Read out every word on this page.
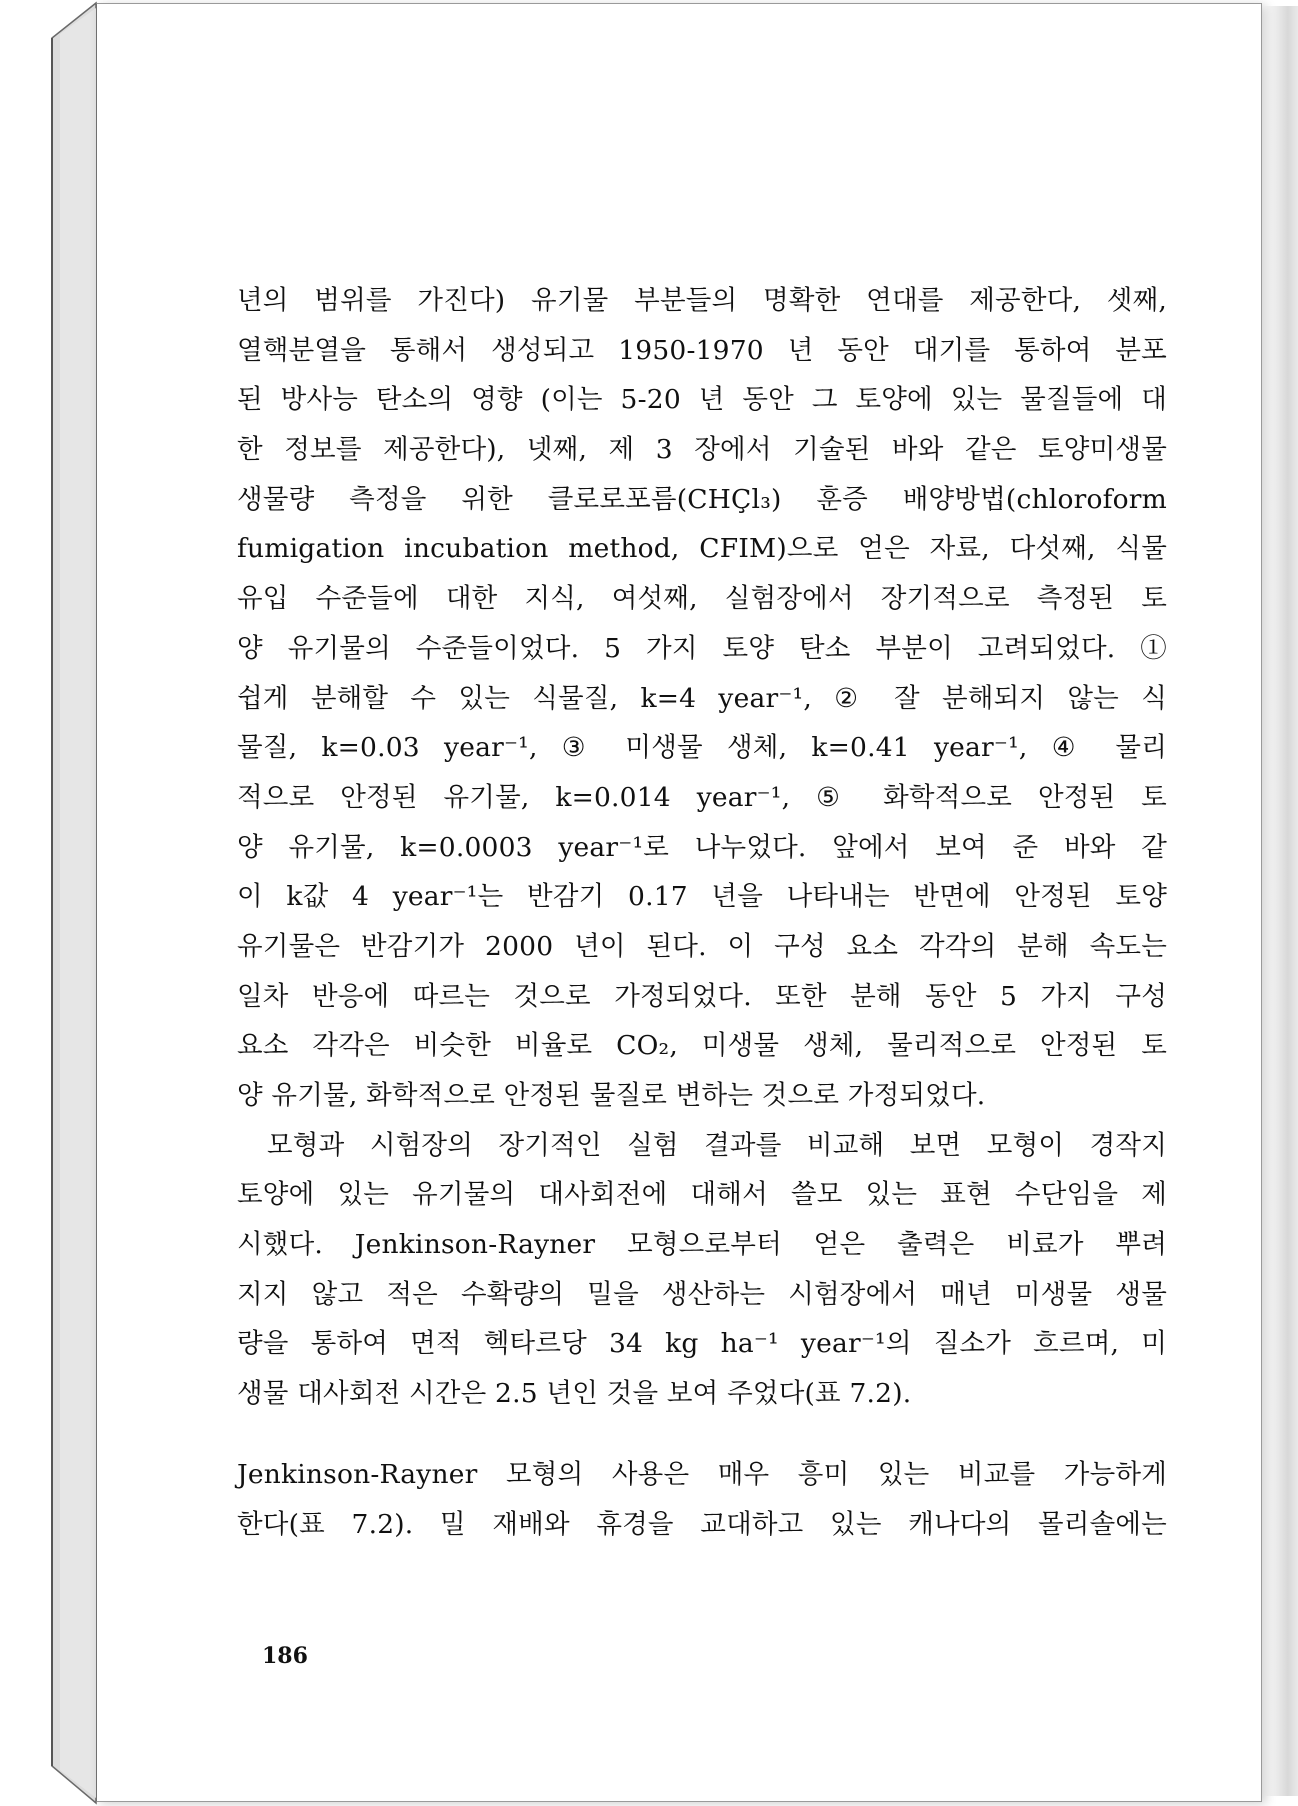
년의 범위를 가진다) 유기물 부분들의 명확한 연대를 제공한다, 셋째,
열핵분열을 통해서 생성되고 1950-1970 년 동안 대기를 통하여 분포
된 방사능 탄소의 영향 (이는 5-20 년 동안 그 토양에 있는 물질들에 대
한 정보를 제공한다), 넷째, 제 3 장에서 기술된 바와 같은 토양미생물
생물량 측정을 위한 클로로포름(CHÇl₃) 훈증 배양방법(chloroform
fumigation incubation method, CFIM)으로 얻은 자료, 다섯째, 식물
유입 수준들에 대한 지식, 여섯째, 실험장에서 장기적으로 측정된 토
양 유기물의 수준들이었다. 5 가지 토양 탄소 부분이 고려되었다. ①
쉽게 분해할 수 있는 식물질, k=4 year⁻¹, ② 잘 분해되지 않는 식
물질, k=0.03 year⁻¹, ③ 미생물 생체, k=0.41 year⁻¹, ④ 물리
적으로 안정된 유기물, k=0.014 year⁻¹, ⑤ 화학적으로 안정된 토
양 유기물, k=0.0003 year⁻¹로 나누었다. 앞에서 보여 준 바와 같
이 k값 4 year⁻¹는 반감기 0.17 년을 나타내는 반면에 안정된 토양
유기물은 반감기가 2000 년이 된다. 이 구성 요소 각각의 분해 속도는
일차 반응에 따르는 것으로 가정되었다. 또한 분해 동안 5 가지 구성
요소 각각은 비슷한 비율로 CO₂, 미생물 생체, 물리적으로 안정된 토
양 유기물, 화학적으로 안정된 물질로 변하는 것으로 가정되었다.
모형과 시험장의 장기적인 실험 결과를 비교해 보면 모형이 경작지
토양에 있는 유기물의 대사회전에 대해서 쓸모 있는 표현 수단임을 제
시했다. Jenkinson-Rayner 모형으로부터 얻은 출력은 비료가 뿌려
지지 않고 적은 수확량의 밀을 생산하는 시험장에서 매년 미생물 생물
량을 통하여 면적 헥타르당 34 kg ha⁻¹ year⁻¹의 질소가 흐르며, 미
생물 대사회전 시간은 2.5 년인 것을 보여 주었다(표 7.2).
Jenkinson-Rayner 모형의 사용은 매우 흥미 있는 비교를 가능하게
한다(표 7.2). 밀 재배와 휴경을 교대하고 있는 캐나다의 몰리솔에는
186
